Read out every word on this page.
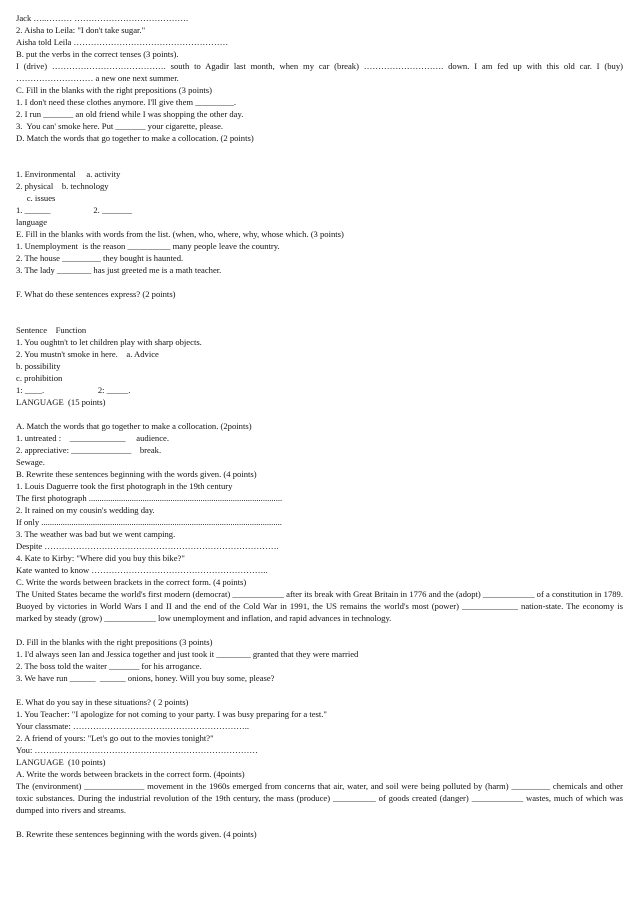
Jack …..……… ………………………………….
2. Aisha to Leila: "I don't take sugar."
Aisha told Leila ………………………………………………
B. put the verbs in the correct tenses (3 points).
I (drive) …………………………………. south to Agadir last month, when my car (break) ………………………. down. I am fed up with this old car. I (buy) ……………………… a new one next summer.
C. Fill in the blanks with the right prepositions (3 points)
1. I don't need these clothes anymore. I'll give them _________.
2. I run _______ an old friend while I was shopping the other day.
3.  You can' smoke here. Put _______ your cigarette, please.
D. Match the words that go together to make a collocation. (2 points)
1. Environmental     a. activity
2. physical    b. technology
c. issues
1. ______                    2. _______
language
E. Fill in the blanks with words from the list. (when, who, where, why, whose which. (3 points)
1. Unemployment  is the reason __________ many people leave the country.
2. The house _________ they bought is haunted.
3. The lady ________ has just greeted me is a math teacher.
F. What do these sentences express? (2 points)
Sentence    Function
1. You oughtn't to let children play with sharp objects.
2. You mustn't smoke in here.    a. Advice
b. possibility
c. prohibition
1: ____.                         2: _____.
LANGUAGE  (15 points)
A. Match the words that go together to make a collocation. (2points)
1. untreated :    _____________     audience.
2. appreciative: ______________    break.
Sewage.
B. Rewrite these sentences beginning with the words given. (4 points)
1. Louis Daguerre took the first photograph in the 19th century
The first photograph ..........................................................................................
2. It rained on my cousin's wedding day.
If only ................................................................................................................
3. The weather was bad but we went camping.
Despite ……………………………………………………………………….
4. Kate to Kirby: "Where did you buy this bike?"
Kate wanted to know ……………………………………………………..
C. Write the words between brackets in the correct form. (4 points)
The United States became the world's first modern (democrat) ____________ after its break with Great Britain in 1776 and the (adopt) ____________ of a constitution in 1789. Buoyed by victories in World Wars I and II and the end of the Cold War in 1991, the US remains the world's most (power) _____________ nation-state. The economy is marked by steady (grow) ____________ low unemployment and inflation, and rapid advances in technology.
D. Fill in the blanks with the right prepositions (3 points)
1. I'd always seen Ian and Jessica together and just took it ________ granted that they were married
2. The boss told the waiter _______ for his arrogance.
3. We have run ______  ______ onions, honey. Will you buy some, please?
E. What do you say in these situations? ( 2 points)
1. You Teacher: "I apologize for not coming to your party. I was busy preparing for a test."
Your classmate: ……………………………………………………..
2. A friend of yours: "Let's go out to the movies tonight?"
You: ……………………………………………………………………
LANGUAGE  (10 points)
A. Write the words between brackets in the correct form. (4points)
The (environment) ______________ movement in the 1960s emerged from concerns that air, water, and soil were being polluted by (harm) _________ chemicals and other toxic substances. During the industrial revolution of the 19th century, the mass (produce) __________ of goods created (danger) ____________ wastes, much of which was dumped into rivers and streams.
B. Rewrite these sentences beginning with the words given. (4 points)
